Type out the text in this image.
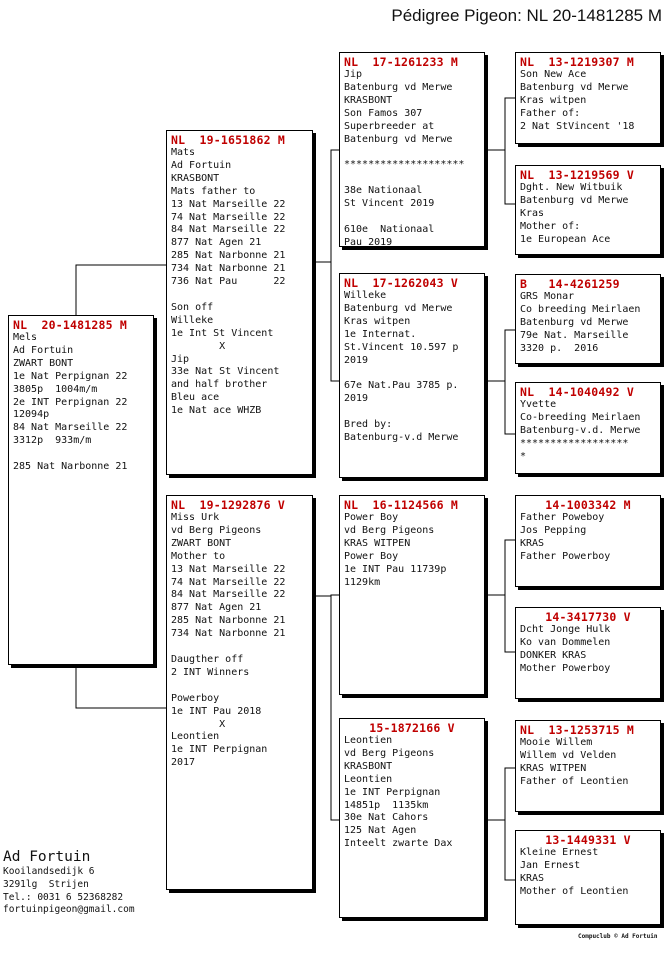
Pédigree Pigeon: NL 20-1481285 M
NL  20-1481285 M
Mels
Ad Fortuin
ZWART BONT
1e Nat Perpignan 22
3805p  1004m/m
2e INT Perpignan 22
12094p
84 Nat Marseille 22
3312p  933m/m

285 Nat Narbonne 21
NL  19-1651862 M
Mats
Ad Fortuin
KRASBONT
Mats father to
13 Nat Marseille 22
74 Nat Marseille 22
84 Nat Marseille 22
877 Nat Agen 21
285 Nat Narbonne 21
734 Nat Narbonne 21
736 Nat Pau      22

Son off
Willeke
1e Int St Vincent
X
Jip
33e Nat St Vincent
and half brother
Bleu ace
1e Nat ace WHZB
NL  19-1292876 V
Miss Urk
vd Berg Pigeons
ZWART BONT
Mother to
13 Nat Marseille 22
74 Nat Marseille 22
84 Nat Marseille 22
877 Nat Agen 21
285 Nat Narbonne 21
734 Nat Narbonne 21

Daugther off
2 INT Winners

Powerboy
1e INT Pau 2018
X
Leontien
1e INT Perpignan
2017
NL  17-1261233 M
Jip
Batenburg vd Merwe
KRASBONT
Son Famos 307
Superbreeder at
Batenburg vd Merwe

********************

38e Nationaal
St Vincent 2019

610e  Nationaal
Pau 2019
NL  17-1262043 V
Willeke
Batenburg vd Merwe
Kras witpen
1e Internat.
St.Vincent 10.597 p
2019

67e Nat.Pau 3785 p.
2019

Bred by:
Batenburg-v.d Merwe
NL  16-1124566 M
Power Boy
vd Berg Pigeons
KRAS WITPEN
Power Boy
1e INT Pau 11739p
1129km
15-1872166 V
Leontien
vd Berg Pigeons
KRASBONT
Leontien
1e INT Perpignan
14851p  1135km
30e Nat Cahors
125 Nat Agen
Inteelt zwarte Dax
NL  13-1219307 M
Son New Ace
Batenburg vd Merwe
Kras witpen
Father of:
2 Nat StVincent '18
NL  13-1219569 V
Dght. New Witbuik
Batenburg vd Merwe
Kras
Mother of:
1e European Ace
B   14-4261259
GRS Monar
Co breeding Meirlaen
Batenburg vd Merwe
79e Nat. Marseille
3320 p.  2016
NL  14-1040492 V
Yvette
Co-breeding Meirlaen
Batenburg-v.d. Merwe
******************
*
14-1003342 M
Father Poweboy
Jos Pepping
KRAS
Father Powerboy
14-3417730 V
Dcht Jonge Hulk
Ko van Dommelen
DONKER KRAS
Mother Powerboy
NL  13-1253715 M
Mooie Willem
Willem vd Velden
KRAS WITPEN
Father of Leontien
13-1449331 V
Kleine Ernest
Jan Ernest
KRAS
Mother of Leontien
Ad Fortuin
Kooilandsedijk 6
3291lg  Strijen
Tel.: 0031 6 52368282
fortuinpigeon@gmail.com
Compuclub © Ad Fortuin
